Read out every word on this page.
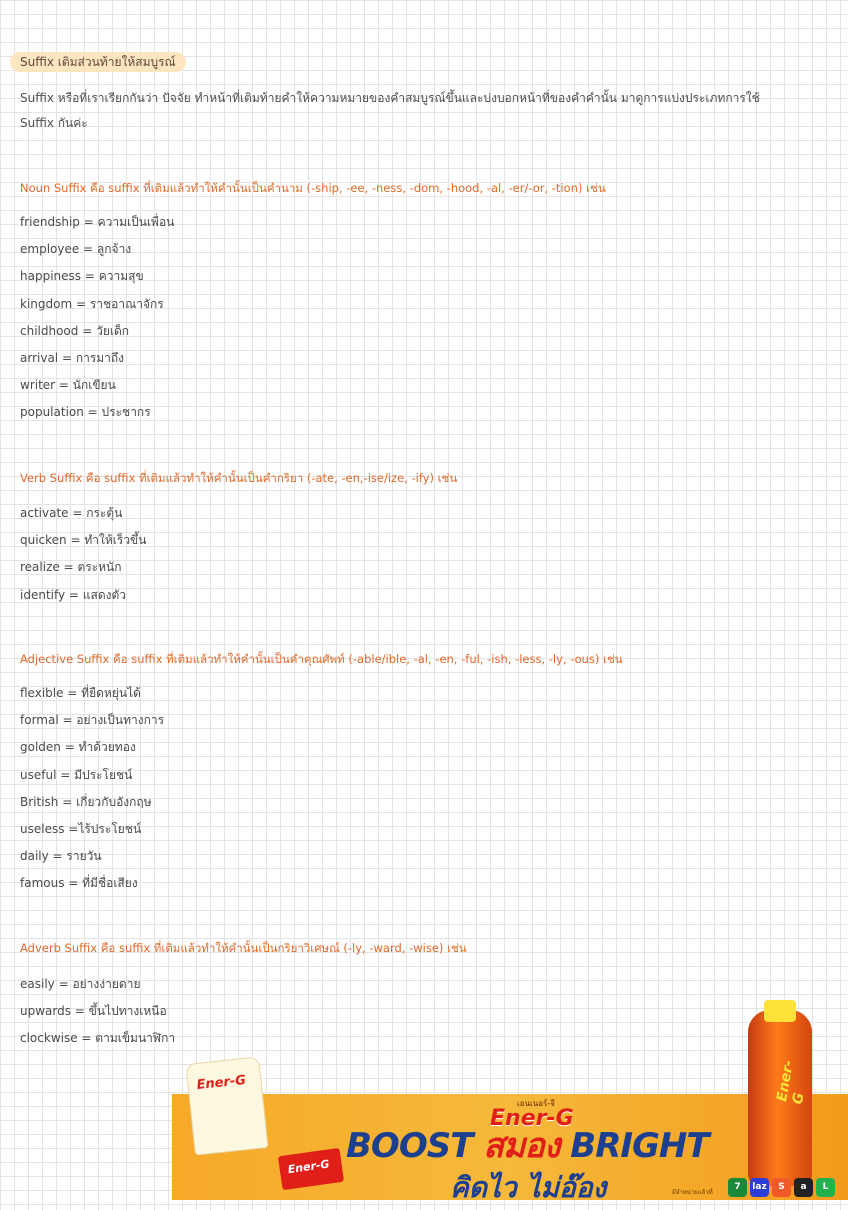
Suffix เติมส่วนท้ายให้สมบูรณ์
Suffix หรือที่เราเรียกกันว่า ปัจจัย ทำหน้าที่เติมท้ายคำให้ความหมายของคำสมบูรณ์ขึ้นและบ่งบอกหน้าที่ของคำคำนั้น มาดูการแบ่งประเภทการใช้ Suffix กันค่ะ
Noun Suffix คือ suffix ที่เติมแล้วทำให้คำนั้นเป็นคำนาม (-ship, -ee, -ness, -dom, -hood, -al, -er/-or, -tion) เช่น
friendship = ความเป็นเพื่อน
employee = ลูกจ้าง
happiness = ความสุข
kingdom = ราชอาณาจักร
childhood = วัยเด็ก
arrival = การมาถึง
writer = นักเขียน
population = ประชากร
Verb Suffix คือ suffix ที่เติมแล้วทำให้คำนั้นเป็นคำกริยา (-ate, -en,-ise/ize, -ify) เช่น
activate = กระตุ้น
quicken = ทำให้เร็วขึ้น
realize = ตระหนัก
identify = แสดงตัว
Adjective Suffix คือ suffix ที่เติมแล้วทำให้คำนั้นเป็นคำคุณศัพท์ (-able/ible, -al, -en, -ful, -ish, -less, -ly, -ous) เช่น
flexible = ที่ยืดหยุ่นได้
formal = อย่างเป็นทางการ
golden = ทำด้วยทอง
useful = มีประโยชน์
British = เกี่ยวกับอังกฤษ
useless =ไร้ประโยชน์
daily = รายวัน
famous = ที่มีชื่อเสียง
Adverb Suffix คือ suffix ที่เติมแล้วทำให้คำนั้นเป็นกริยาวิเศษณ์ (-ly, -ward, -wise) เช่น
easily = อย่างง่ายดาย
upwards = ขึ้นไปทางเหนือ
clockwise = ตามเข็มนาฬิกา
Ener-G
Ener-G
เอนเนอร์-จี
Ener-G
BOOST สมอง BRIGHT
คิดไว ไม่อ๊อง
Ener-G
มีจำหน่ายแล้วที่
7	laz	S	a	L
